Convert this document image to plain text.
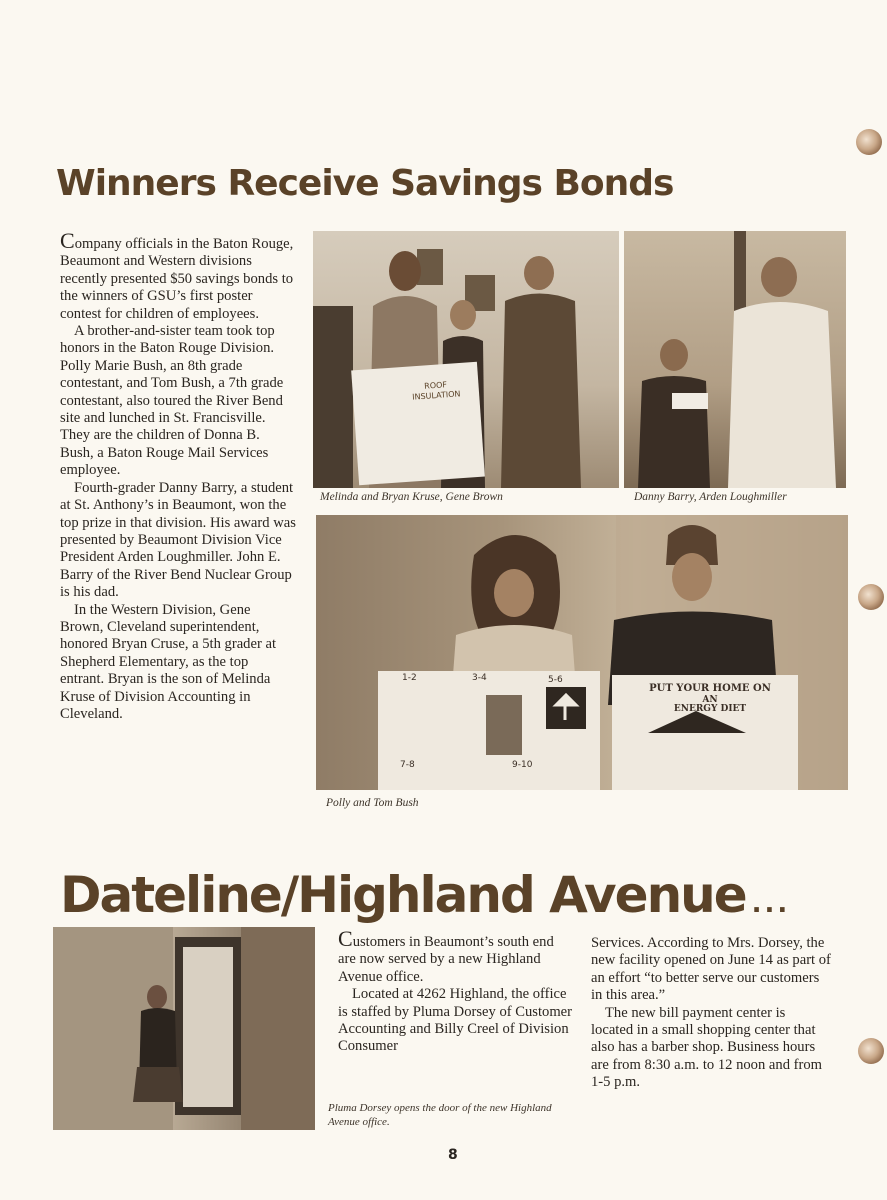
Winners Receive Savings Bonds

Company officials in the Baton Rouge, Beaumont and Western divisions recently presented $50 savings bonds to the winners of GSU’s first poster contest for children of employees.

A brother-and-sister team took top honors in the Baton Rouge Division. Polly Marie Bush, an 8th grade contestant, and Tom Bush, a 7th grade contestant, also toured the River Bend site and lunched in St. Francisville. They are the children of Donna B. Bush, a Baton Rouge Mail Services employee.

Fourth-grader Danny Barry, a student at St. Anthony’s in Beaumont, won the top prize in that division. His award was presented by Beaumont Division Vice President Arden Loughmiller. John E. Barry of the River Bend Nuclear Group is his dad.

In the Western Division, Gene Brown, Cleveland superintendent, honored Bryan Cruse, a 5th grader at Shepherd Elementary, as the top entrant. Bryan is the son of Melinda Kruse of Division Accounting in Cleveland.

ROOF INSULATION
Melinda and Bryan Kruse, Gene Brown	Danny Barry, Arden Loughmiller
1-2	3-4	5-6
7-8	9-10
PUT YOUR HOME ON
AN
ENERGY DIET
Polly and Tom Bush
Dateline/Highland Avenue ...

Customers in Beaumont’s south end are now served by a new Highland Avenue office.

Located at 4262 Highland, the office is staffed by Pluma Dorsey of Customer Accounting and Billy Creel of Division Consumer

Pluma Dorsey opens the door of the new Highland Avenue office.

Services. According to Mrs. Dorsey, the new facility opened on June 14 as part of an effort “to better serve our customers in this area.”

The new bill payment center is located in a small shopping center that also has a barber shop. Business hours are from 8:30 a.m. to 12 noon and from 1-5 p.m.

8
